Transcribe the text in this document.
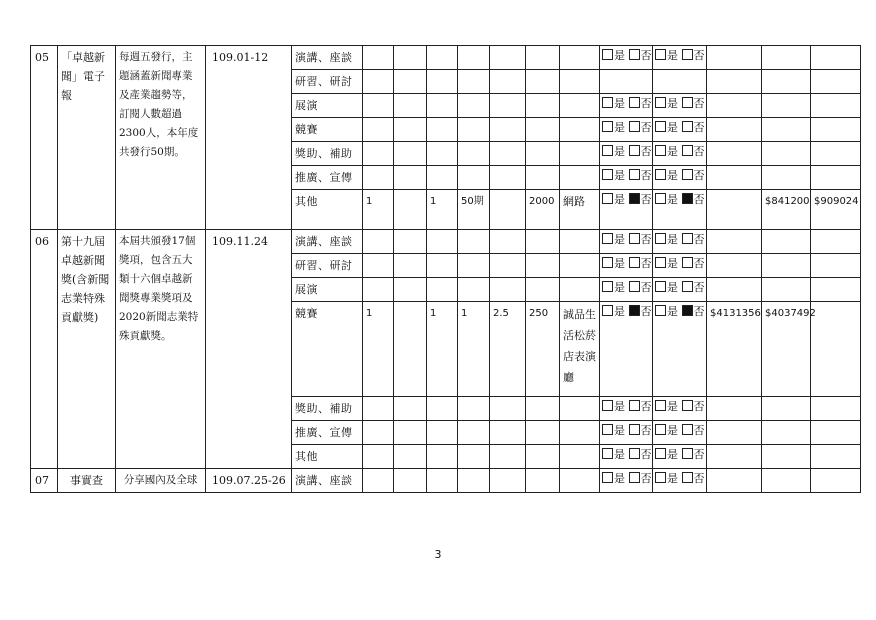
05	「卓越新聞」電子報	每週五發行，主題涵蓋新聞專業及產業趨勢等，訂閱人數超過2300人，本年度共發行50期。	109.01-12	演講、座談								是 否	是 否			
				研習、研討												
				展演								是 否	是 否			
				競賽								是 否	是 否			
				獎助、補助								是 否	是 否			
				推廣、宣傳								是 否	是 否			
				其他	1		1	50期		2000	網路	是 否	是 否		$841200	$909024
06	第十九屆卓越新聞獎(含新聞志業特殊貢獻獎)	本屆共頒發17個獎項，包含五大類十六個卓越新聞獎專業獎項及2020新聞志業特殊貢獻獎。	109.11.24	演講、座談								是 否	是 否			
				研習、研討								是 否	是 否			
				展演								是 否	是 否			
				競賽	1		1	1	2.5	250	誠品生活松菸店表演廳	是 否	是 否	$4131356	$4037492	
				獎助、補助								是 否	是 否			
				推廣、宣傳								是 否	是 否			
				其他								是 否	是 否			
07	事實查	分享國內及全球	109.07.25-26	演講、座談								是 否	是 否			
3
